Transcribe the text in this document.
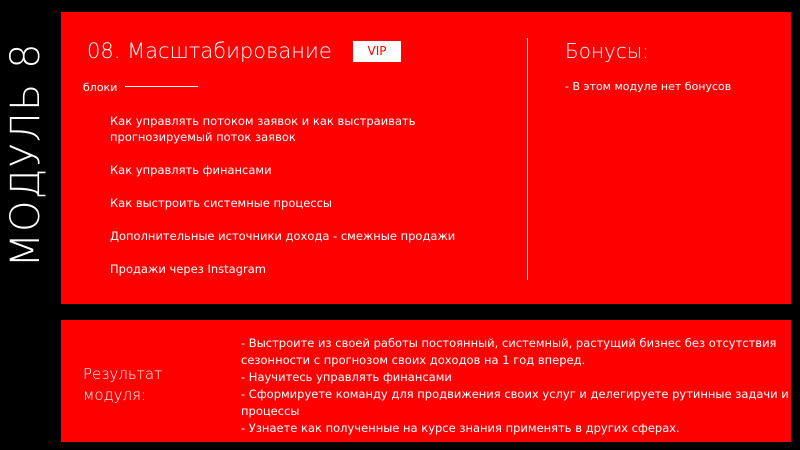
МОДУЛЬ 8 08. Масштабирование	VIP
блоки
Как управлять потоком заявок и как выстраивать
прогнозируемый поток заявок
Как управлять финансами
Как выстроить системные процессы
Дополнительные источники дохода - смежные продажи
Продажи через Instagram
Бонусы:
- В этом модуле нет бонусов
Результат
модуля:
- Выстроите из своей работы постоянный, системный, растущий бизнес без отсутствия
сезонности с прогнозом своих доходов на 1 год вперед.
- Научитесь управлять финансами
- Сформируете команду для продвижения своих услуг и делегируете рутинные задачи и
процессы
- Узнаете как полученные на курсе знания применять в других сферах.
